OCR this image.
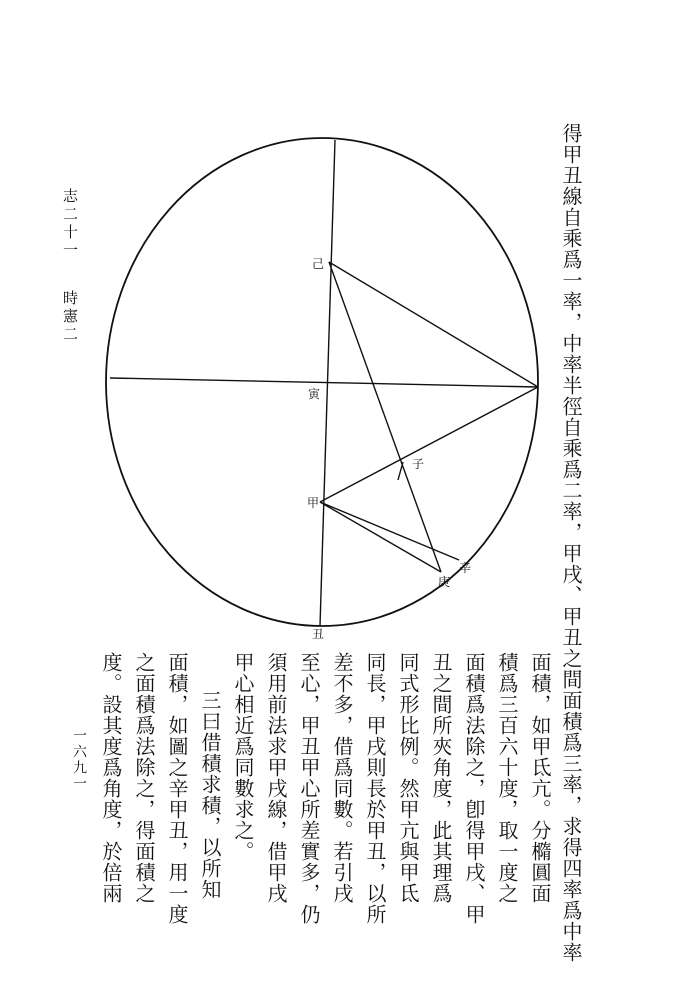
志二十一時憲二
一六九一
己
寅
子
甲
辛
庚
丑	得甲丑線自乘爲一率，中率半徑自乘爲二率，甲戌、甲丑之間面積爲三率，求得四率爲中率
面積，如甲氐亢。分橢圓面
積爲三百六十度，取一度之
面積爲法除之，卽得甲戌、甲
丑之間所夾角度，此其理爲
同式形比例。然甲亢與甲氐
同長，甲戌則長於甲丑，以所
差不多，借爲同數。若引戌
至心，甲丑甲心所差實多，仍
須用前法求甲戌線，借甲戌
甲心相近爲同數求之。
三曰借積求積，以所知
面積，如圖之辛甲丑，用一度
之面積爲法除之，得面積之
度。設其度爲角度，於倍兩
